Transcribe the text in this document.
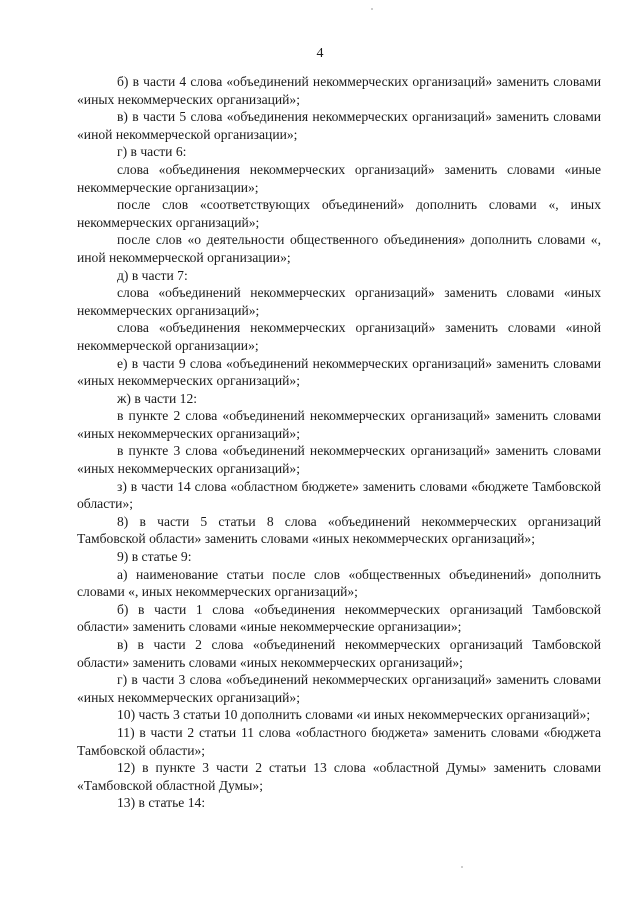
4

б) в части 4 слова «объединений некоммерческих организаций» заменить словами «иных некоммерческих организаций»;

в) в части 5 слова «объединения некоммерческих организаций» заменить словами «иной некоммерческой организации»;

г) в части 6:

слова «объединения некоммерческих организаций» заменить словами «иные некоммерческие организации»;

после слов «соответствующих объединений» дополнить словами «, иных некоммерческих организаций»;

после слов «о деятельности общественного объединения» дополнить словами «, иной некоммерческой организации»;

д) в части 7:

слова «объединений некоммерческих организаций» заменить словами «иных некоммерческих организаций»;

слова «объединения некоммерческих организаций» заменить словами «иной некоммерческой организации»;

е) в части 9 слова «объединений некоммерческих организаций» заменить словами «иных некоммерческих организаций»;

ж) в части 12:

в пункте 2 слова «объединений некоммерческих организаций» заменить словами «иных некоммерческих организаций»;

в пункте 3 слова «объединений некоммерческих организаций» заменить словами «иных некоммерческих организаций»;

з) в части 14 слова «областном бюджете» заменить словами «бюджете Тамбовской области»;

8) в части 5 статьи 8 слова «объединений некоммерческих организаций Тамбовской области» заменить словами «иных некоммерческих организаций»;

9) в статье 9:

а) наименование статьи после слов «общественных объединений» дополнить словами «, иных некоммерческих организаций»;

б) в части 1 слова «объединения некоммерческих организаций Тамбовской области» заменить словами «иные некоммерческие организации»;

в) в части 2 слова «объединений некоммерческих организаций Тамбовской области» заменить словами «иных некоммерческих организаций»;

г) в части 3 слова «объединений некоммерческих организаций» заменить словами «иных некоммерческих организаций»;

10) часть 3 статьи 10 дополнить словами «и иных некоммерческих организаций»;

11) в части 2 статьи 11 слова «областного бюджета» заменить словами «бюджета Тамбовской области»;

12) в пункте 3 части 2 статьи 13 слова «областной Думы» заменить словами «Тамбовской областной Думы»;

13) в статье 14:
